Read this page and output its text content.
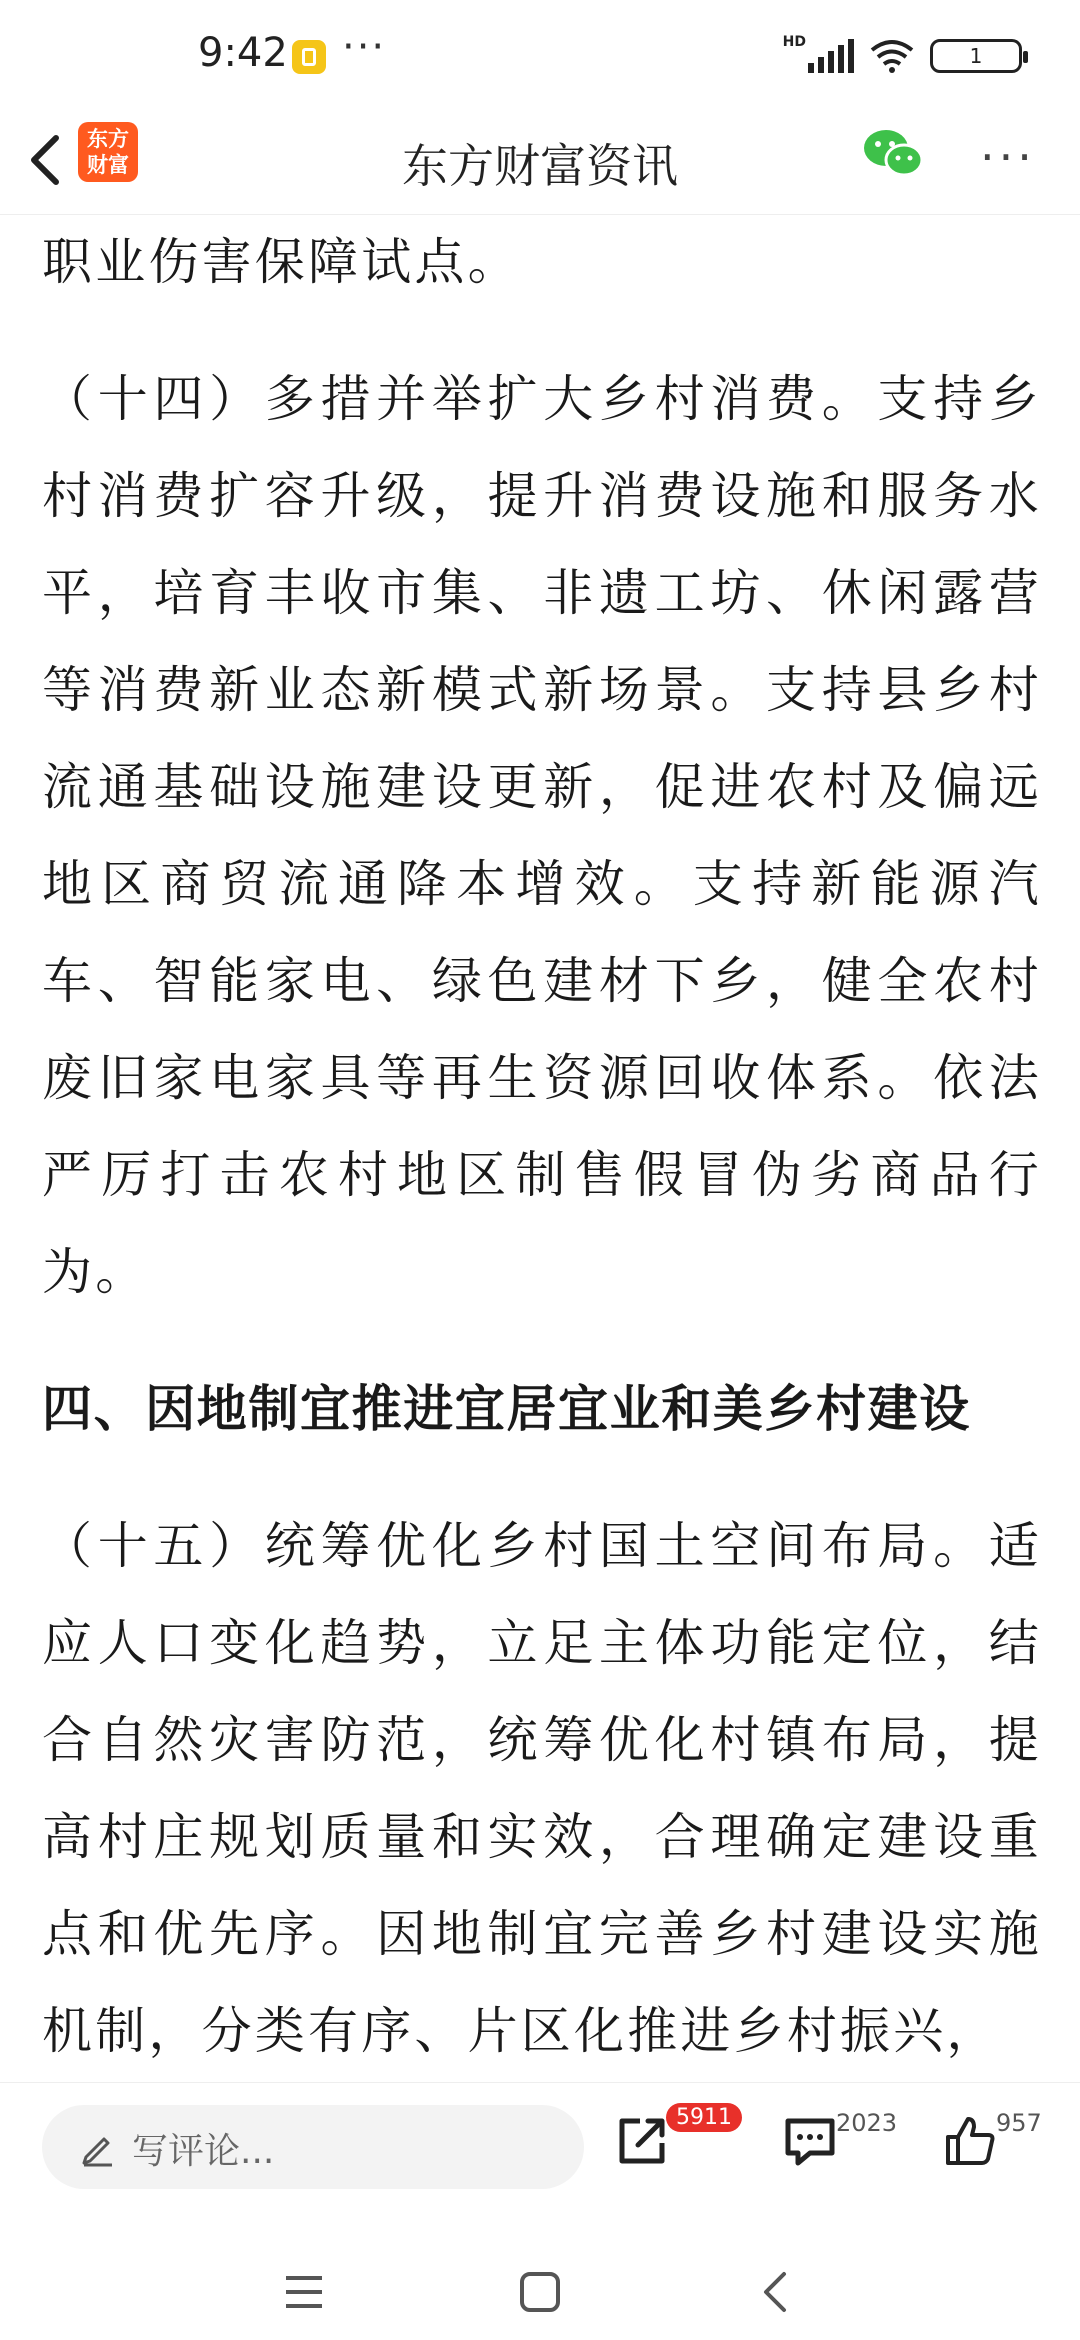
9:42 ···	HD
1
东方
财富	东方财富资讯	···

职业伤害保障试点。

（十四）多措并举扩大乡村消费。支持乡村消费扩容升级，提升消费设施和服务水平，培育丰收市集、非遗工坊、休闲露营等消费新业态新模式新场景。支持县乡村流通基础设施建设更新，促进农村及偏远地区商贸流通降本增效。支持新能源汽车、智能家电、绿色建材下乡，健全农村废旧家电家具等再生资源回收体系。依法严厉打击农村地区制售假冒伪劣商品行为。

四、因地制宜推进宜居宜业和美乡村建设

（十五）统筹优化乡村国土空间布局。适应人口变化趋势，立足主体功能定位，结合自然灾害防范，统筹优化村镇布局，提高村庄规划质量和实效，合理确定建设重点和优先序。因地制宜完善乡村建设实施机制，分类有序、片区化推进乡村振兴，

写评论...
5911	2023	957
